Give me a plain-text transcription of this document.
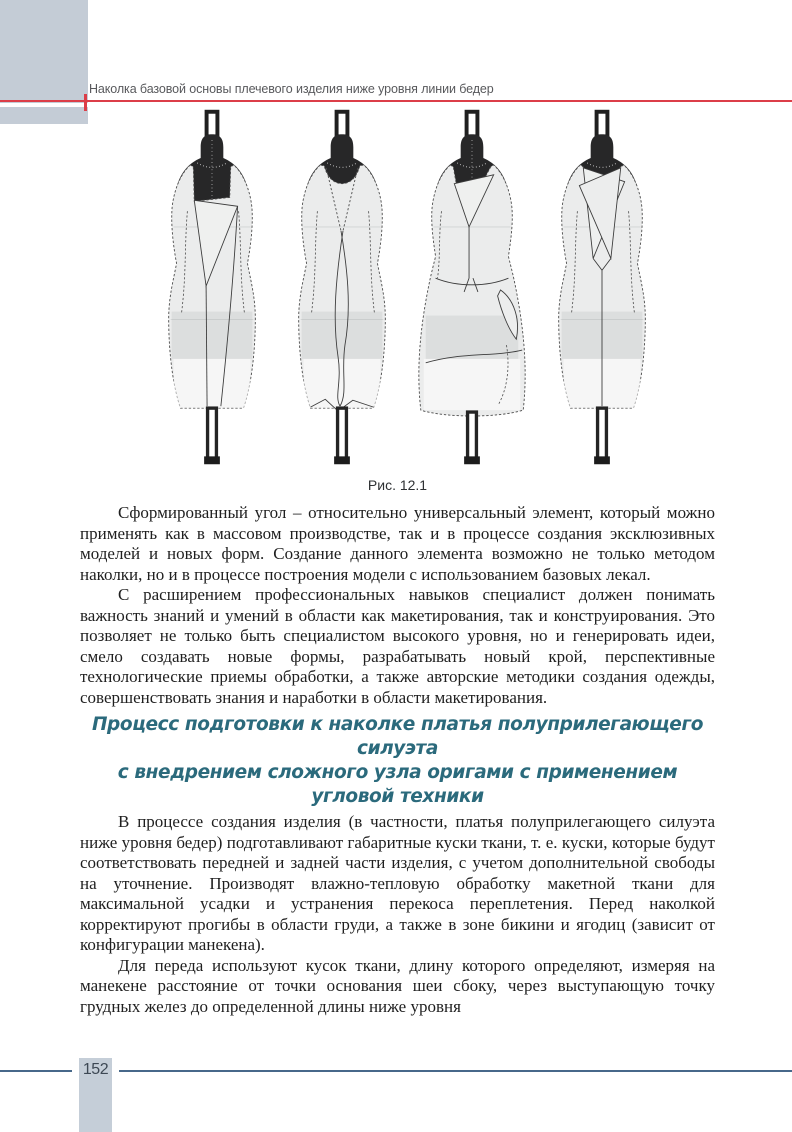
Наколка базовой основы плечевого изделия ниже уровня линии бедер
Рис. 12.1

Сформированный угол – относительно универсальный элемент, который можно применять как в массовом производстве, так и в процессе создания эксклюзивных моделей и новых форм. Создание данного элемента возможно не только методом наколки, но и в процессе построения модели с использованием базовых лекал.

С расширением профессиональных навыков специалист должен понимать важность знаний и умений в области как макетирования, так и конструирования. Это позволяет не только быть специалистом высокого уровня, но и генерировать идеи, смело создавать новые формы, разрабатывать новый крой, перспективные технологические приемы обработки, а также авторские методики создания одежды, совершенствовать знания и наработки в области макетирования.

Процесс подготовки к наколке платья полуприлегающего силуэта
с внедрением сложного узла оригами с применением угловой техники

В процессе создания изделия (в частности, платья полуприлегающего силуэта ниже уровня бедер) подготавливают габаритные куски ткани, т. е. куски, которые будут соответствовать передней и задней части изделия, с учетом дополнительной свободы на уточнение. Производят влажно-тепловую обработку макетной ткани для максимальной усадки и устранения перекоса переплетения. Перед наколкой корректируют прогибы в области груди, а также в зоне бикини и ягодиц (зависит от конфигурации манекена).

Для переда используют кусок ткани, длину которого определяют, измеряя на манекене расстояние от точки основания шеи сбоку, через выступающую точку грудных желез до определенной длины ниже уровня

152
